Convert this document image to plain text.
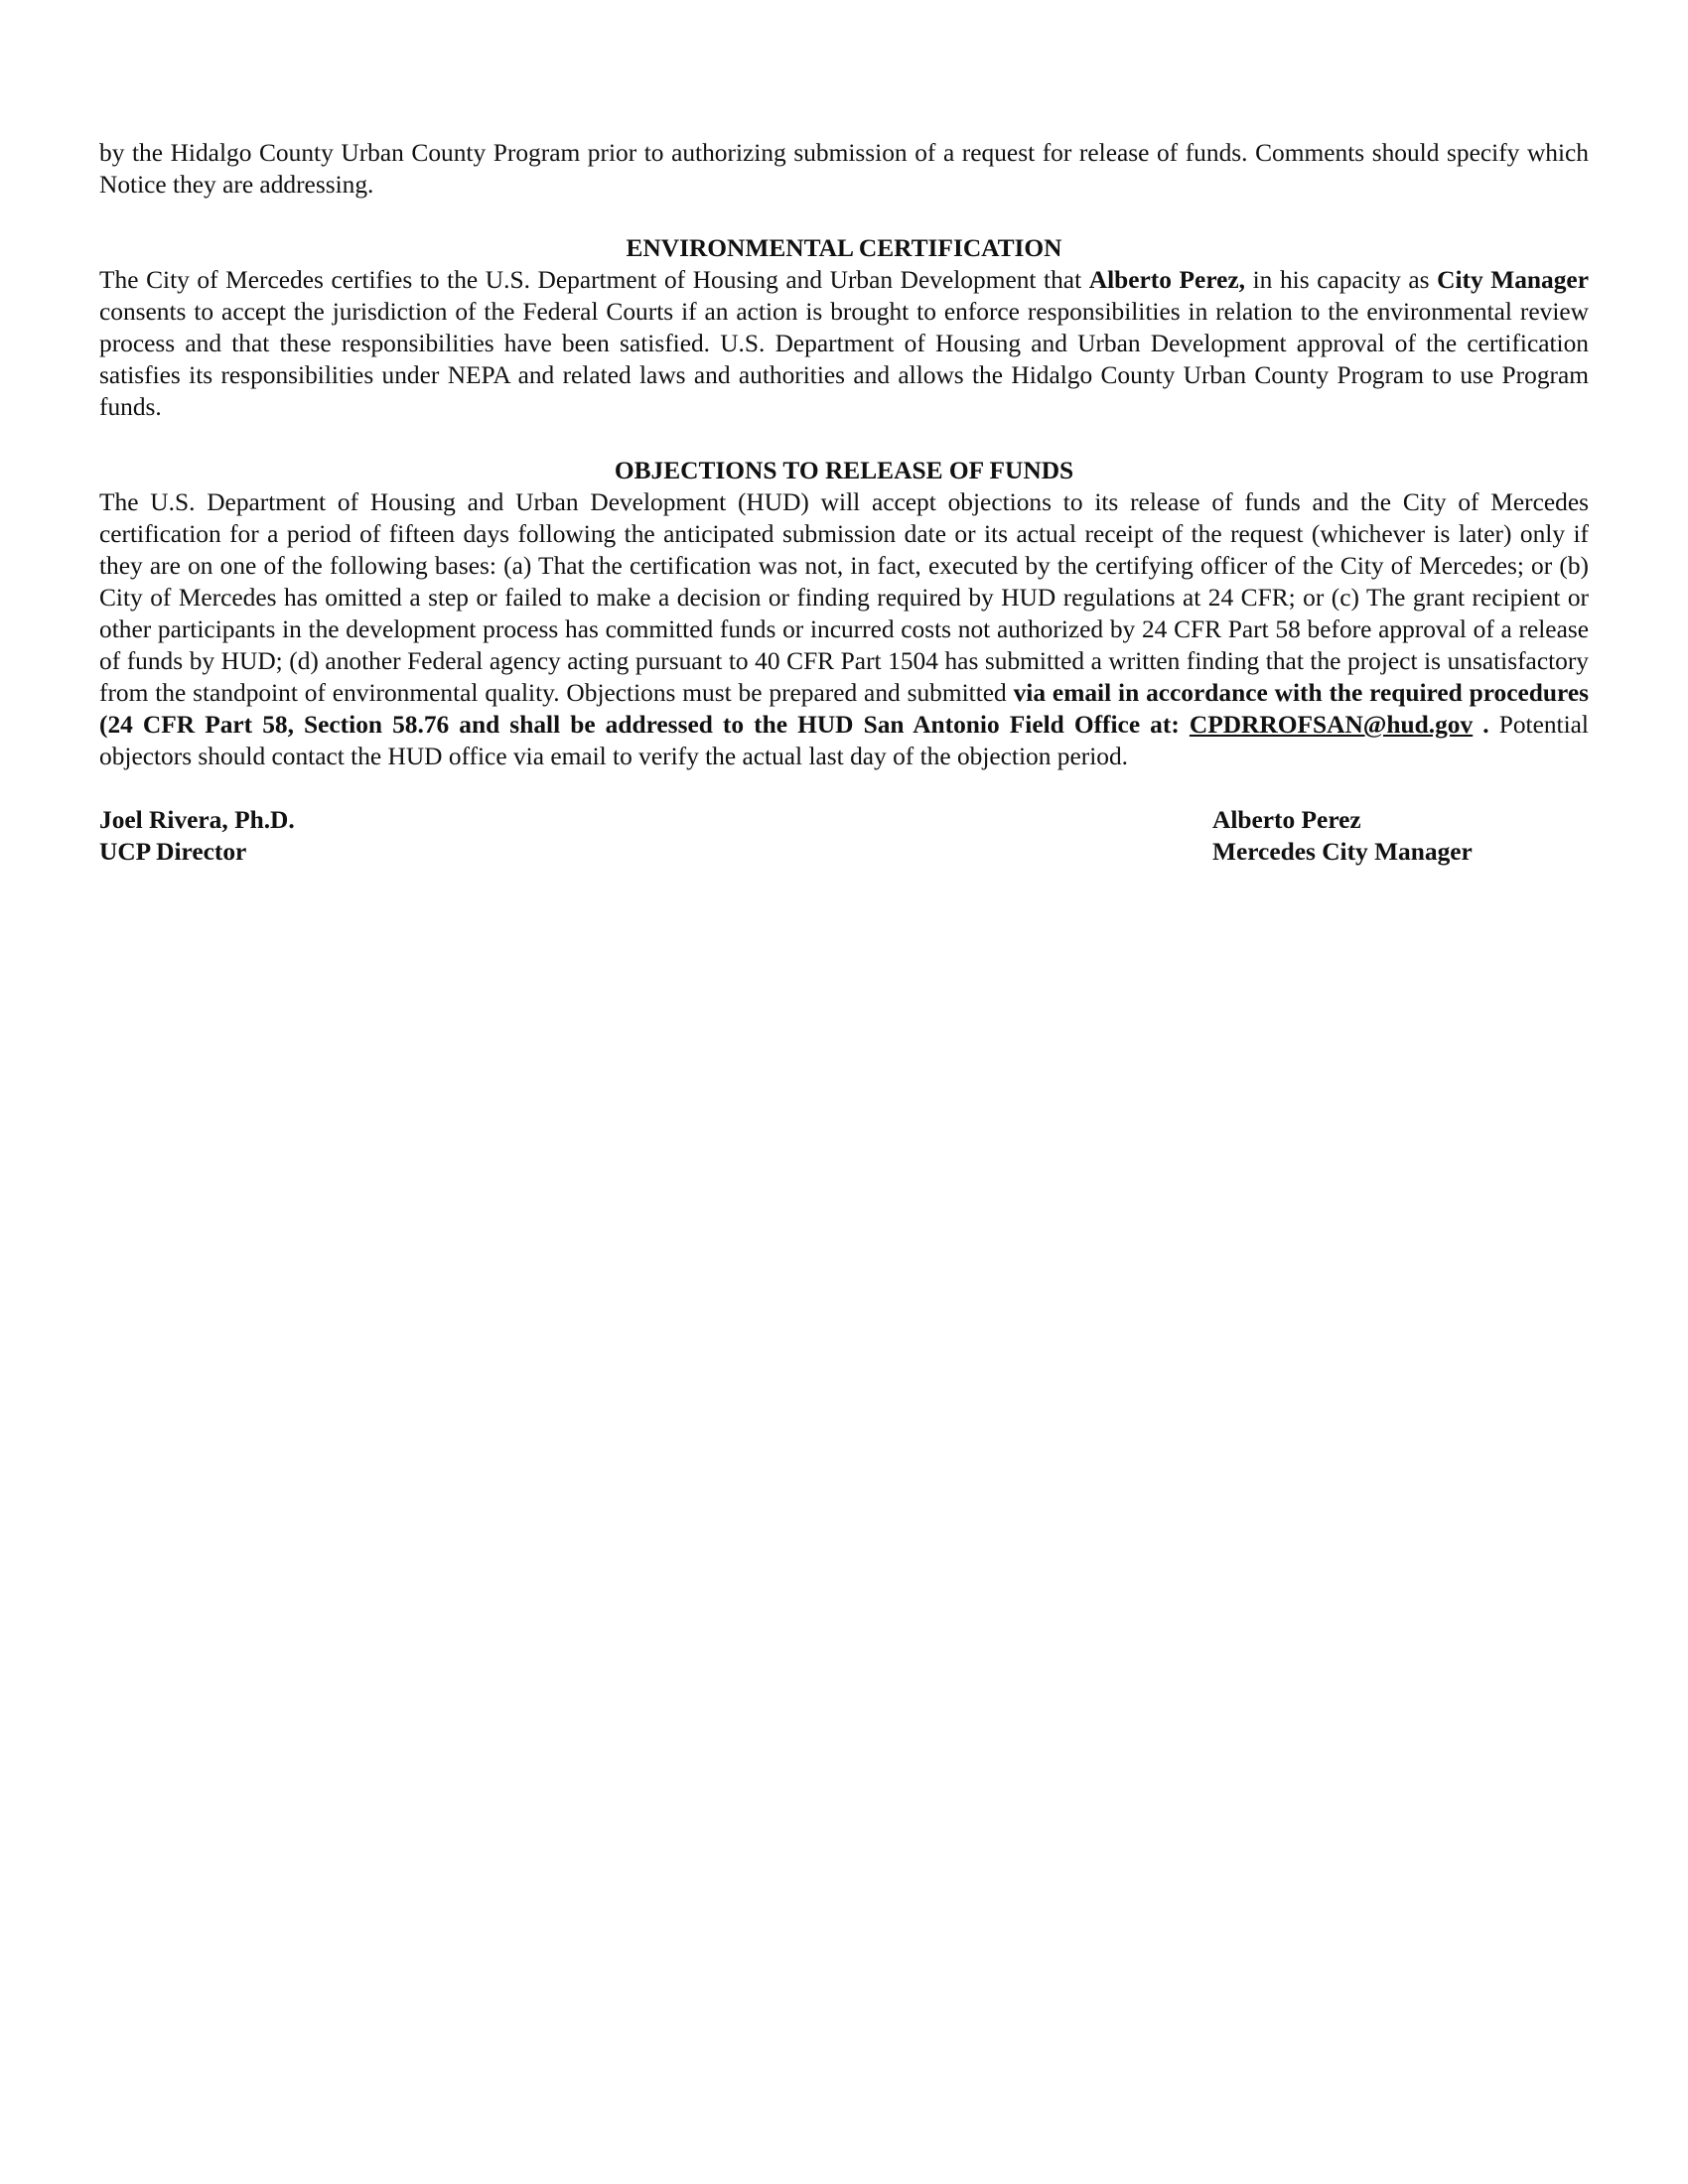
by the Hidalgo County Urban County Program prior to authorizing submission of a request for release of funds. Comments should specify which Notice they are addressing.

ENVIRONMENTAL CERTIFICATION

The City of Mercedes certifies to the U.S. Department of Housing and Urban Development that Alberto Perez, in his capacity as City Manager consents to accept the jurisdiction of the Federal Courts if an action is brought to enforce responsibilities in relation to the environmental review process and that these responsibilities have been satisfied. U.S. Department of Housing and Urban Development approval of the certification satisfies its responsibilities under NEPA and related laws and authorities and allows the Hidalgo County Urban County Program to use Program funds.

OBJECTIONS TO RELEASE OF FUNDS

The U.S. Department of Housing and Urban Development (HUD) will accept objections to its release of funds and the City of Mercedes certification for a period of fifteen days following the anticipated submission date or its actual receipt of the request (whichever is later) only if they are on one of the following bases: (a) That the certification was not, in fact, executed by the certifying officer of the City of Mercedes; or (b) City of Mercedes has omitted a step or failed to make a decision or finding required by HUD regulations at 24 CFR; or (c) The grant recipient or other participants in the development process has committed funds or incurred costs not authorized by 24 CFR Part 58 before approval of a release of funds by HUD; (d) another Federal agency acting pursuant to 40 CFR Part 1504 has submitted a written finding that the project is unsatisfactory from the standpoint of environmental quality. Objections must be prepared and submitted via email in accordance with the required procedures (24 CFR Part 58, Section 58.76 and shall be addressed to the HUD San Antonio Field Office at: CPDRROFSAN@hud.gov . Potential objectors should contact the HUD office via email to verify the actual last day of the objection period.

Joel Rivera, Ph.D.
UCP Director
Alberto Perez
Mercedes City Manager
